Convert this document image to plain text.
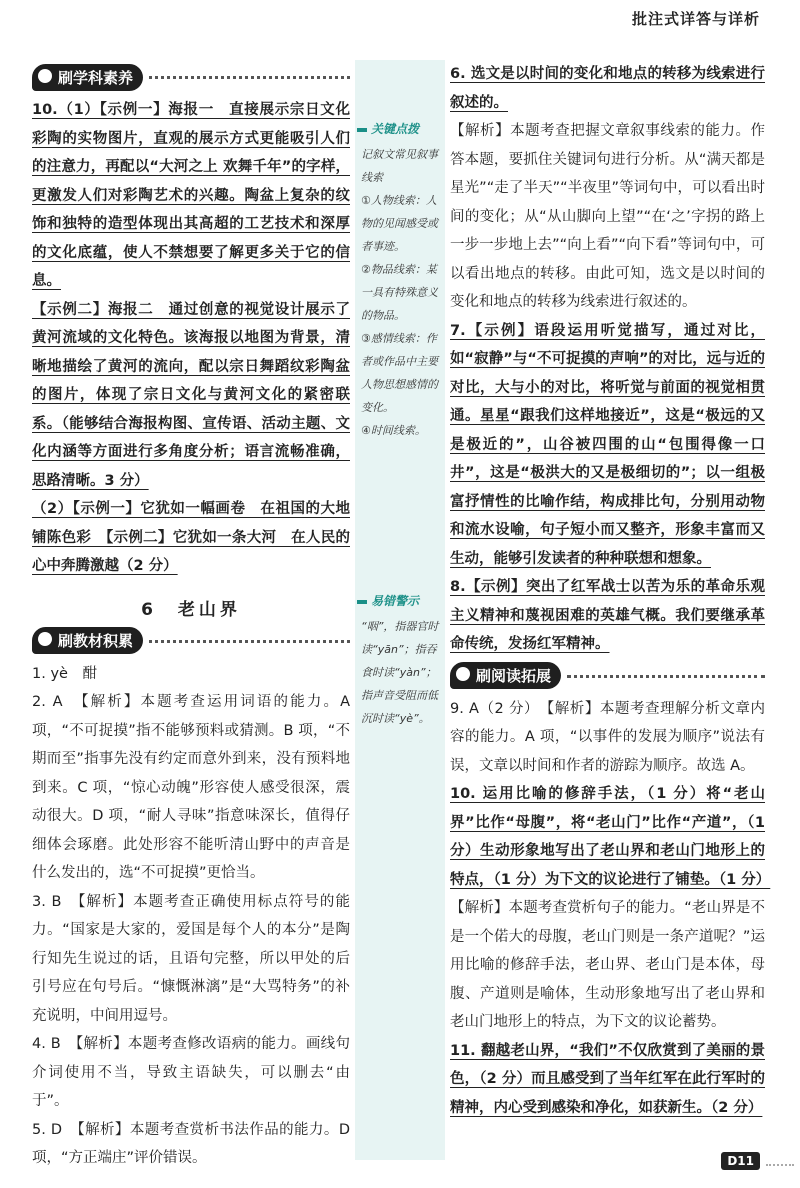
批注式详答与详析
刷学科素养

10.（1）【示例一】海报一　直接展示宗日文化彩陶的实物图片，直观的展示方式更能吸引人们的注意力，再配以“大河之上 欢舞千年”的字样，更激发人们对彩陶艺术的兴趣。陶盆上复杂的纹饰和独特的造型体现出其高超的工艺技术和深厚的文化底蕴，使人不禁想要了解更多关于它的信息。

【示例二】海报二　通过创意的视觉设计展示了黄河流域的文化特色。该海报以地图为背景，清晰地描绘了黄河的流向，配以宗日舞蹈纹彩陶盆的图片，体现了宗日文化与黄河文化的紧密联系。（能够结合海报构图、宣传语、活动主题、文化内涵等方面进行多角度分析；语言流畅准确，思路清晰。3 分）

（2）【示例一】它犹如一幅画卷　在祖国的大地铺陈色彩　【示例二】它犹如一条大河　在人民的心中奔腾激越（2 分）

6　老山界
刷教材积累

1. yè　酣

2. A　【解析】本题考查运用词语的能力。A 项，“不可捉摸”指不能够预料或猜测。B 项，“不期而至”指事先没有约定而意外到来，没有预料地到来。C 项，“惊心动魄”形容使人感受很深，震动很大。D 项，“耐人寻味”指意味深长，值得仔细体会琢磨。此处形容不能听清山野中的声音是什么发出的，选“不可捉摸”更恰当。

3. B　【解析】本题考查正确使用标点符号的能力。“国家是大家的，爱国是每个人的本分”是陶行知先生说过的话，且语句完整，所以甲处的后引号应在句号后。“慷慨淋漓”是“大骂特务”的补充说明，中间用逗号。

4. B　【解析】本题考查修改语病的能力。画线句介词使用不当，导致主语缺失，可以删去“由于”。

5. D　【解析】本题考查赏析书法作品的能力。D 项，“方正端庄”评价错误。

关键点拨
记叙文常见叙事线索
①人物线索：人物的见闻感受或者事迹。
②物品线索：某一具有特殊意义的物品。
③感情线索：作者或作品中主要人物思想感情的变化。
④时间线索。
易错警示
“咽”，指器官时读“yān”；指吞食时读“yàn”；指声音受阻而低沉时读“yè”。

6. 选文是以时间的变化和地点的转移为线索进行叙述的。

【解析】本题考查把握文章叙事线索的能力。作答本题，要抓住关键词句进行分析。从“满天都是星光”“走了半天”“半夜里”等词句中，可以看出时间的变化；从“从山脚向上望”“在‘之’字拐的路上一步一步地上去”“向上看”“向下看”等词句中，可以看出地点的转移。由此可知，选文是以时间的变化和地点的转移为线索进行叙述的。

7.【示例】语段运用听觉描写，通过对比，如“寂静”与“不可捉摸的声响”的对比，远与近的对比，大与小的对比，将听觉与前面的视觉相贯通。星星“跟我们这样地接近”，这是“极远的又是极近的”，山谷被四围的山“包围得像一口井”，这是“极洪大的又是极细切的”；以一组极富抒情性的比喻作结，构成排比句，分别用动物和流水设喻，句子短小而又整齐，形象丰富而又生动，能够引发读者的种种联想和想象。

8.【示例】突出了红军战士以苦为乐的革命乐观主义精神和蔑视困难的英雄气概。我们要继承革命传统，发扬红军精神。

刷阅读拓展

9. A（2 分）　【解析】本题考查理解分析文章内容的能力。A 项，“以事件的发展为顺序”说法有误，文章以时间和作者的游踪为顺序。故选 A。

10. 运用比喻的修辞手法，（1 分）将“老山界”比作“母腹”，将“老山门”比作“产道”，（1 分）生动形象地写出了老山界和老山门地形上的特点，（1 分）为下文的议论进行了铺垫。（1 分）

【解析】本题考查赏析句子的能力。“老山界是不是一个偌大的母腹，老山门则是一条产道呢？”运用比喻的修辞手法，老山界、老山门是本体，母腹、产道则是喻体，生动形象地写出了老山界和老山门地形上的特点，为下文的议论蓄势。

11. 翻越老山界，“我们”不仅欣赏到了美丽的景色，（2 分）而且感受到了当年红军在此行军时的精神，内心受到感染和净化，如获新生。（2 分）

D11
